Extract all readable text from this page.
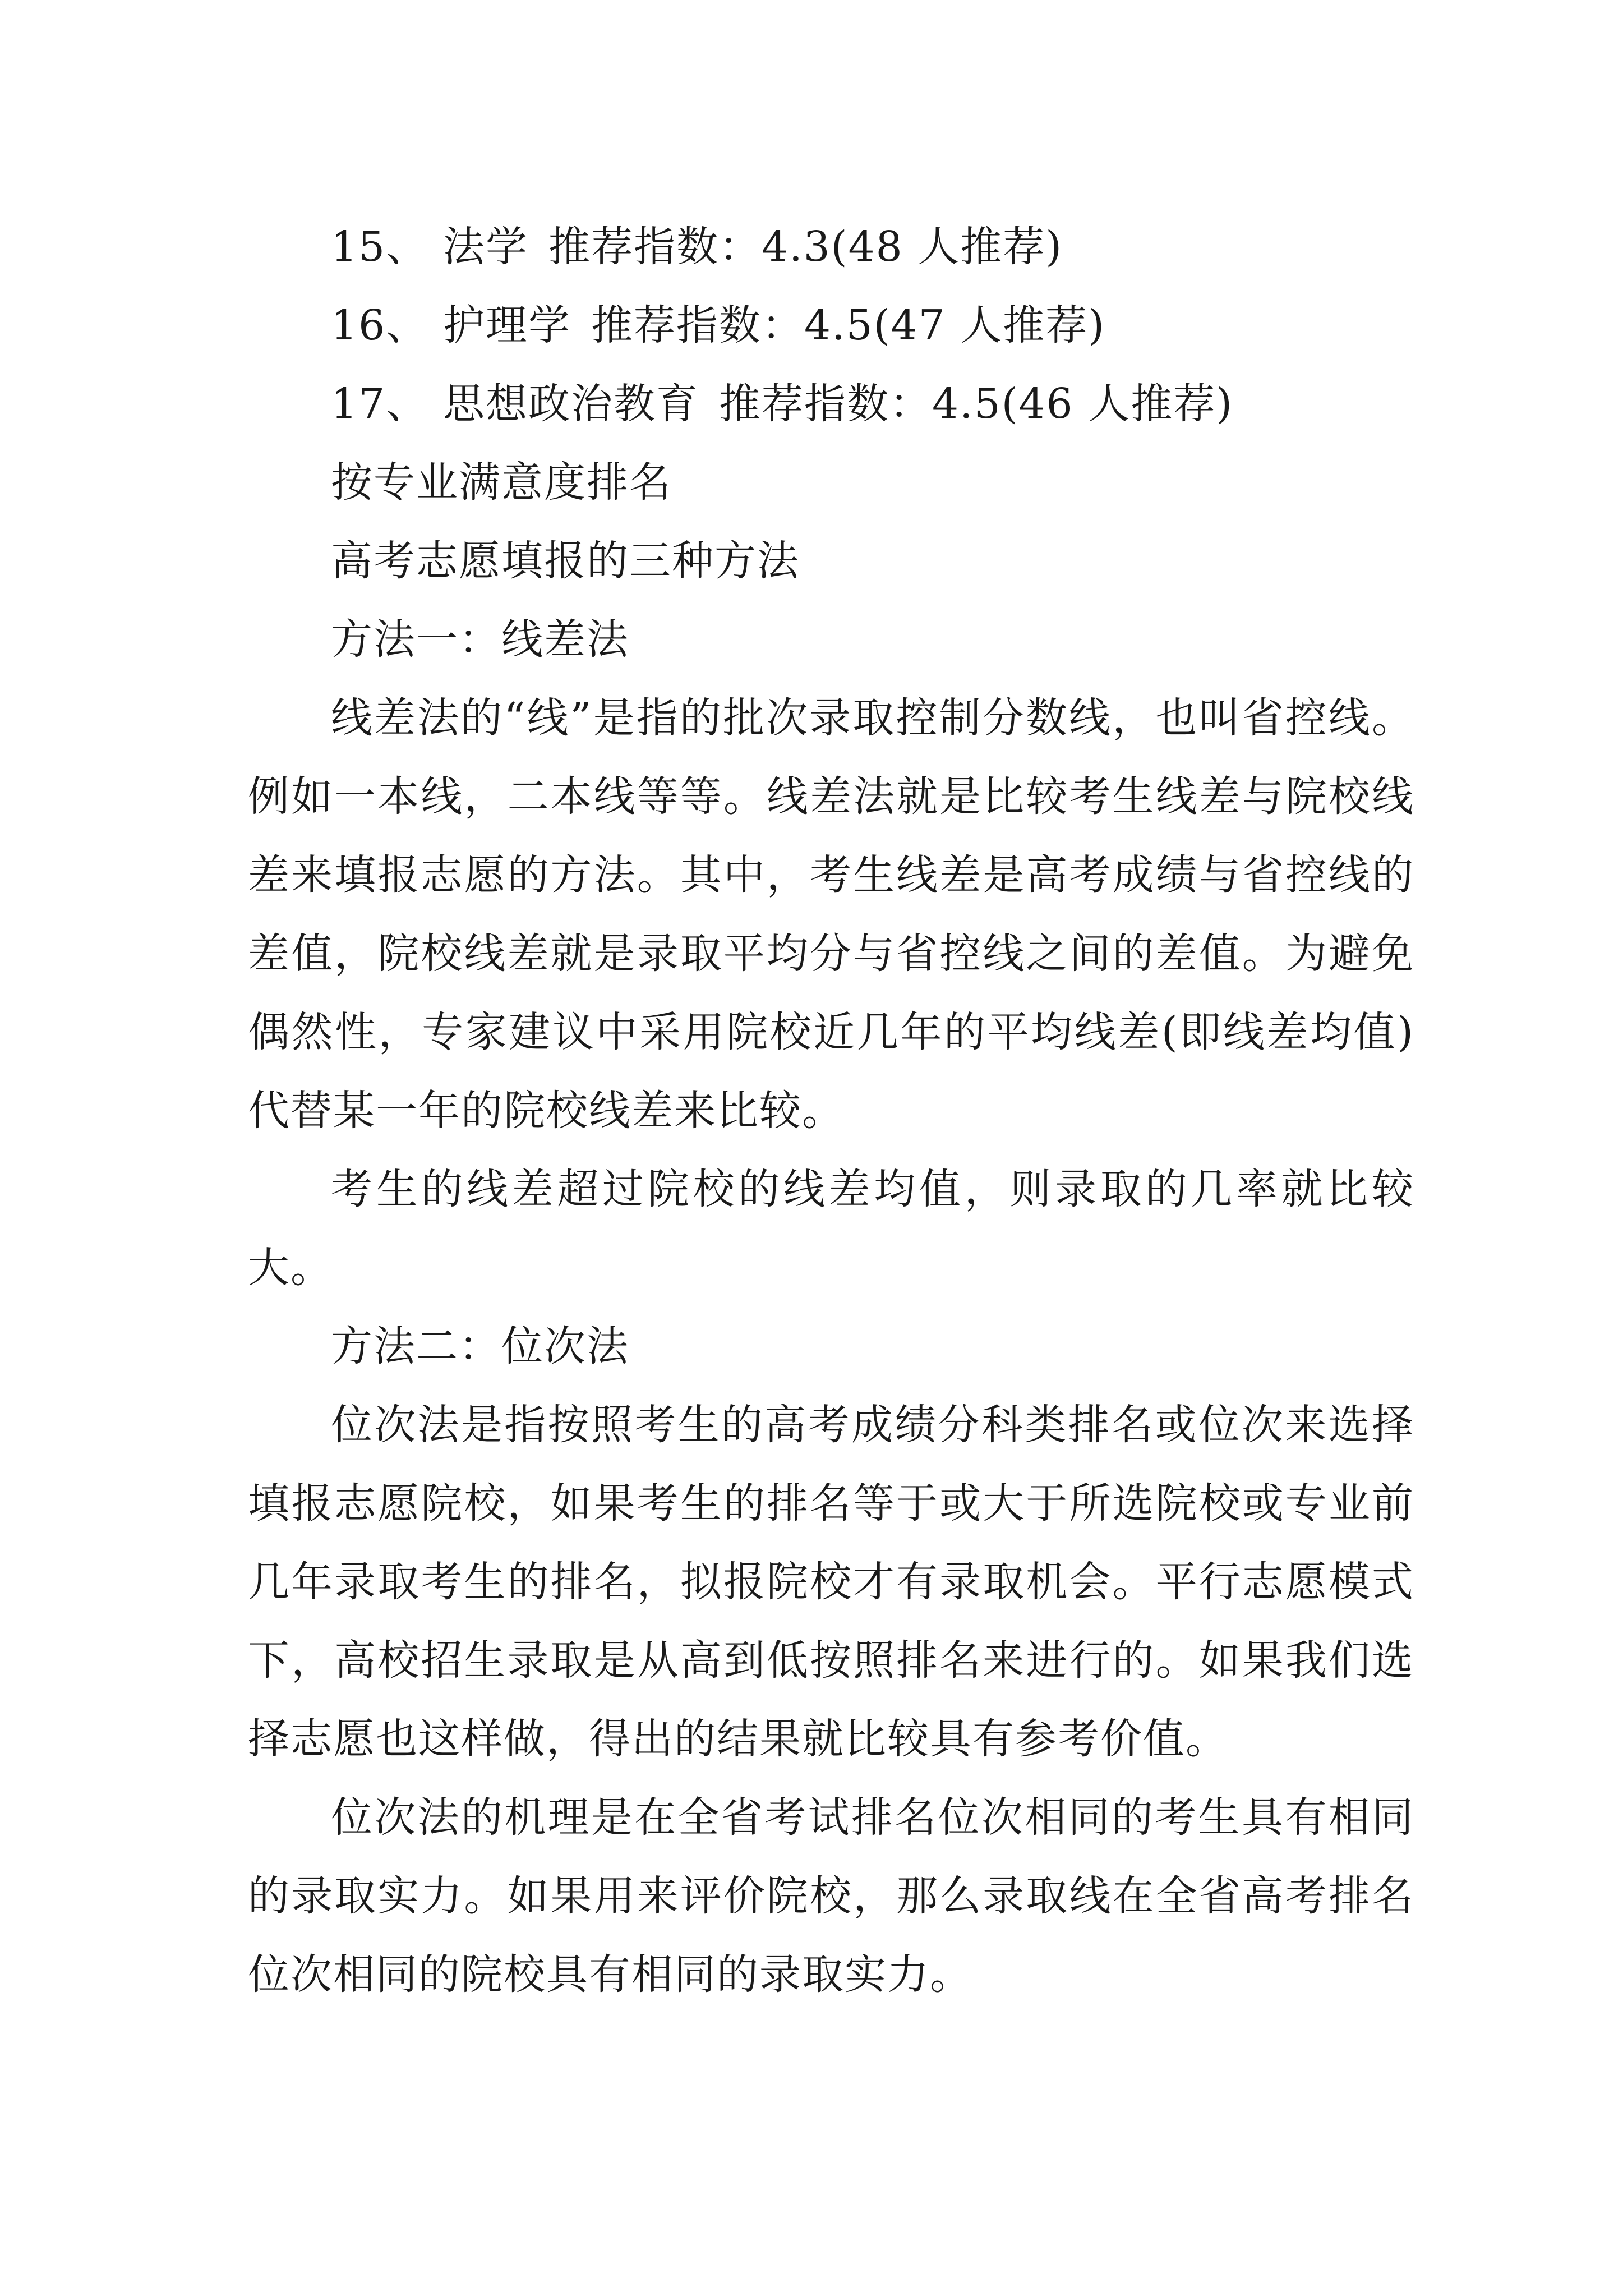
15、 法学 推荐指数：4.3(48 人推荐)
16、 护理学 推荐指数：4.5(47 人推荐)
17、 思想政治教育 推荐指数：4.5(46 人推荐)

按专业满意度排名

高考志愿填报的三种方法

方法一：线差法

线差法的“线”是指的批次录取控制分数线，也叫省控线。例如一本线，二本线等等。线差法就是比较考生线差与院校线差来填报志愿的方法。其中，考生线差是高考成绩与省控线的差值，院校线差就是录取平均分与省控线之间的差值。为避免偶然性，专家建议中采用院校近几年的平均线差(即线差均值)代替某一年的院校线差来比较。

考生的线差超过院校的线差均值，则录取的几率就比较大。

方法二：位次法

位次法是指按照考生的高考成绩分科类排名或位次来选择填报志愿院校，如果考生的排名等于或大于所选院校或专业前几年录取考生的排名，拟报院校才有录取机会。平行志愿模式下，高校招生录取是从高到低按照排名来进行的。如果我们选择志愿也这样做，得出的结果就比较具有参考价值。

位次法的机理是在全省考试排名位次相同的考生具有相同的录取实力。如果用来评价院校，那么录取线在全省高考排名位次相同的院校具有相同的录取实力。
